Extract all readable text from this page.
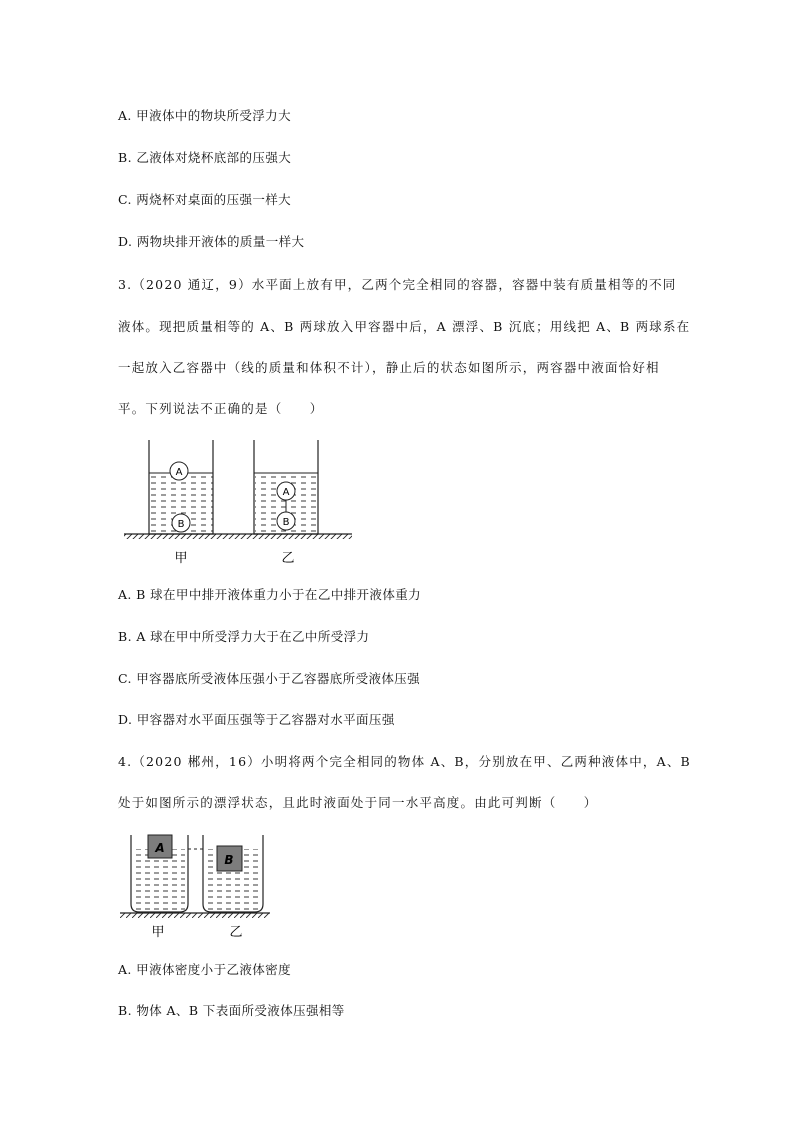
A. 甲液体中的物块所受浮力大

B. 乙液体对烧杯底部的压强大

C. 两烧杯对桌面的压强一样大

D. 两物块排开液体的质量一样大

3.（2020 通辽，9）水平面上放有甲，乙两个完全相同的容器，容器中装有质量相等的不同

液体。现把质量相等的 A、B 两球放入甲容器中后，A 漂浮、B 沉底；用线把 A、B 两球系在

一起放入乙容器中（线的质量和体积不计），静止后的状态如图所示，两容器中液面恰好相

平。下列说法不正确的是（　　）

A
B
A
B
甲	乙
A
B
甲	乙

A. B 球在甲中排开液体重力小于在乙中排开液体重力

B. A 球在甲中所受浮力大于在乙中所受浮力

C. 甲容器底所受液体压强小于乙容器底所受液体压强

D. 甲容器对水平面压强等于乙容器对水平面压强

4.（2020 郴州，16）小明将两个完全相同的物体 A、B，分别放在甲、乙两种液体中，A、B

处于如图所示的漂浮状态，且此时液面处于同一水平高度。由此可判断（　　）

A. 甲液体密度小于乙液体密度

B. 物体 A、B 下表面所受液体压强相等
